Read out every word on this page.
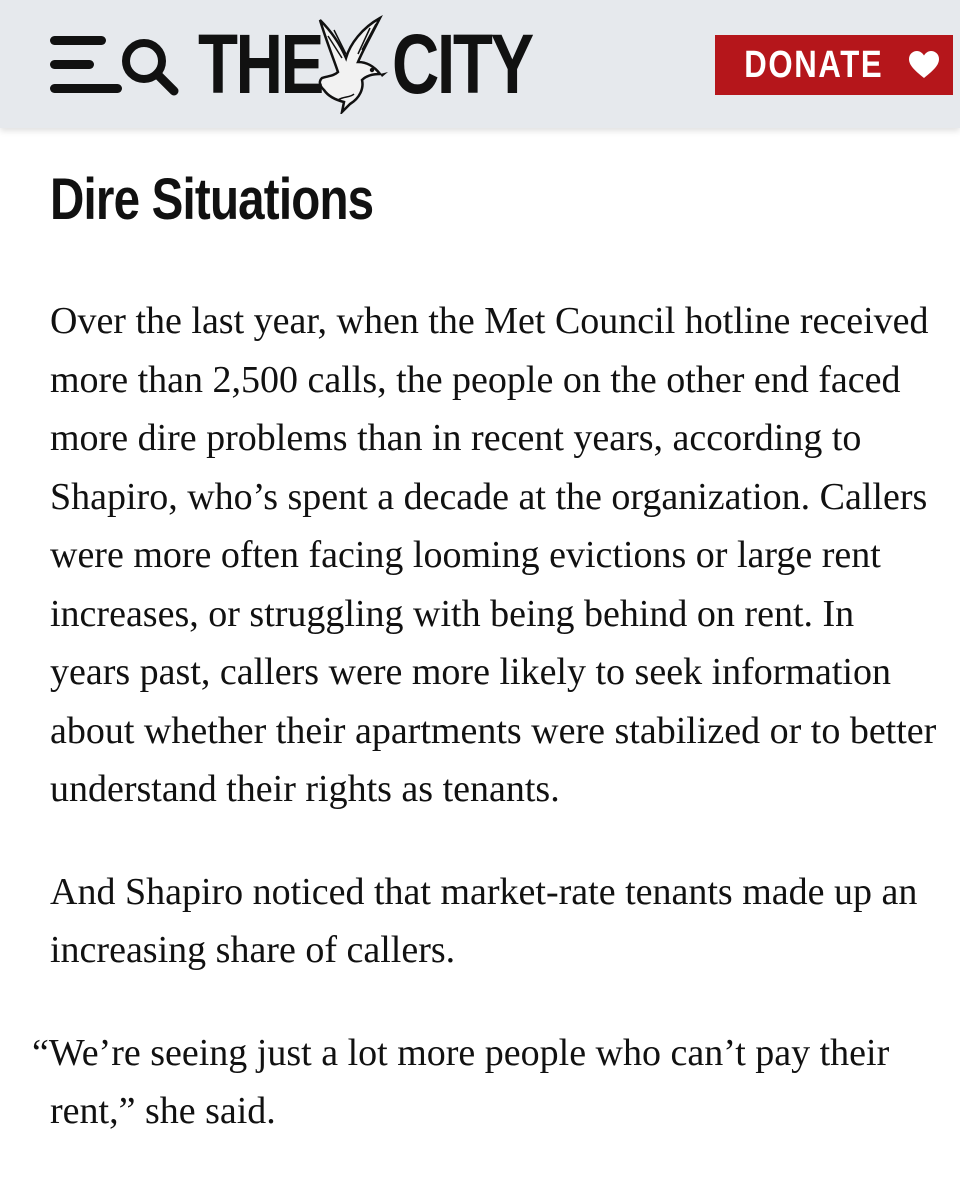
THE CITY	DONATE
Dire Situations

Over the last year, when the Met Council hotline received more than 2,500 calls, the people on the other end faced more dire problems than in recent years, according to Shapiro, who’s spent a decade at the organization. Callers were more often facing looming evictions or large rent increases, or struggling with being behind on rent. In years past, callers were more likely to seek information about whether their apartments were stabilized or to better understand their rights as tenants.

And Shapiro noticed that market-rate tenants made up an increasing share of callers.

“We’re seeing just a lot more people who can’t pay their rent,” she said.
